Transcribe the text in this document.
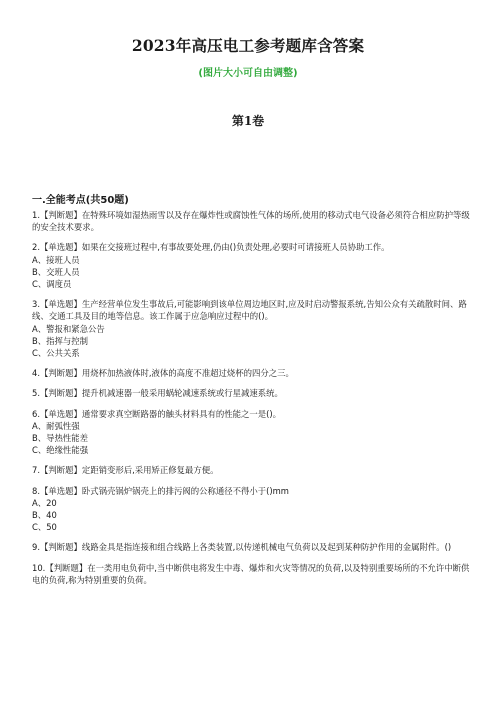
2023年高压电工参考题库含答案
(图片大小可自由调整)
第1卷
一.全能考点(共50题)

1.【判断题】在特殊环境如湿热雨雪以及存在爆炸性或腐蚀性气体的场所,使用的移动式电气设备必须符合相应防护等级的安全技术要求。

2.【单选题】如果在交接班过程中,有事故要处理,仍由()负责处理,必要时可请接班人员协助工作。

A、接班人员

B、交班人员

C、调度员

3.【单选题】生产经营单位发生事故后,可能影响到该单位周边地区时,应及时启动警报系统,告知公众有关疏散时间、路线、交通工具及目的地等信息。该工作属于应急响应过程中的()。

A、警报和紧急公告

B、指挥与控制

C、公共关系

4.【判断题】用烧杯加热液体时,液体的高度不准超过烧杯的四分之三。

5.【判断题】提升机减速器一般采用蜗轮减速系统或行星减速系统。

6.【单选题】通常要求真空断路器的触头材料具有的性能之一是()。

A、耐弧性强

B、导热性能差

C、绝缘性能强

7.【判断题】定距销变形后,采用矫正修复最方便。

8.【单选题】卧式锅壳锅炉锅壳上的排污阀的公称通径不得小于()mm

A、20

B、40

C、50

9.【判断题】线路金具是指连接和组合线路上各类装置,以传递机械电气负荷以及起到某种防护作用的金属附件。()

10.【判断题】在一类用电负荷中,当中断供电将发生中毒、爆炸和火灾等情况的负荷,以及特别重要场所的不允许中断供电的负荷,称为特别重要的负荷。
